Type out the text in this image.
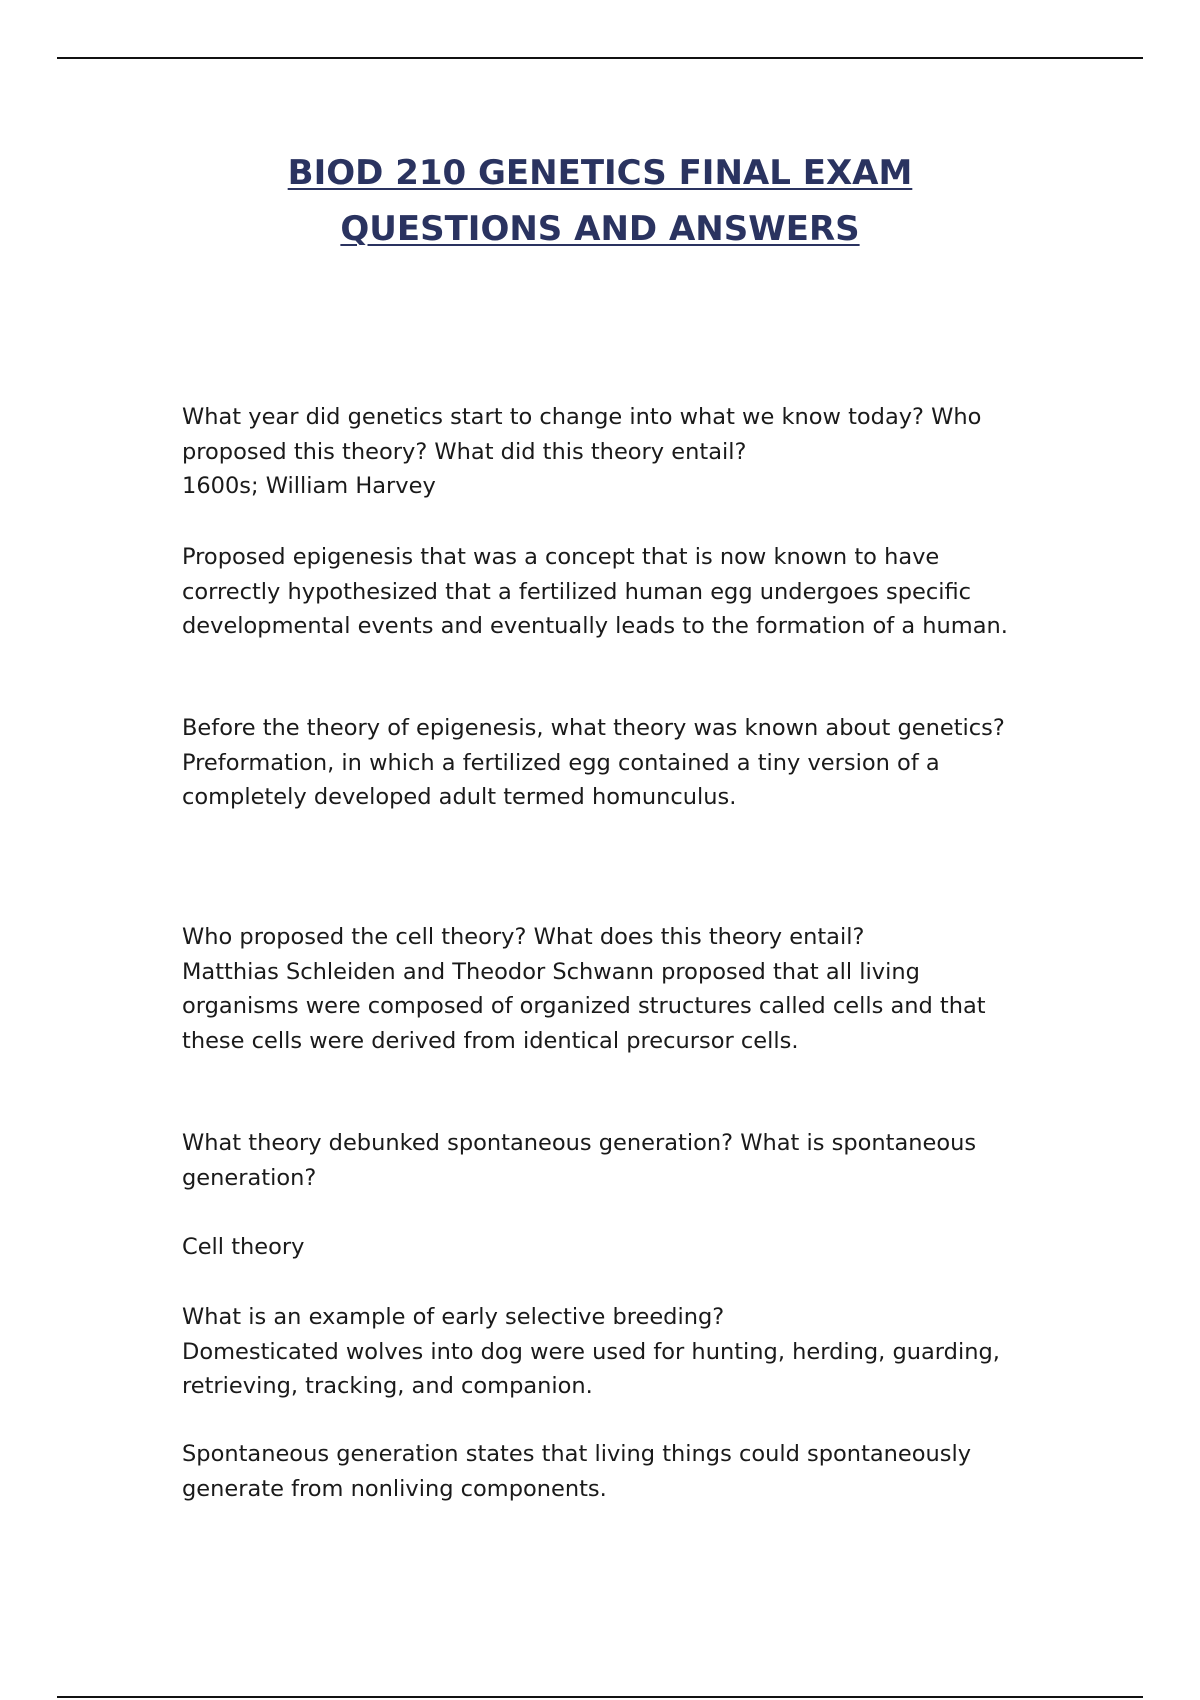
BIOD 210 GENETICS FINAL EXAM
QUESTIONS AND ANSWERS
What year did genetics start to change into what we know today? Who
proposed this theory? What did this theory entail?
1600s; William Harvey
Proposed epigenesis that was a concept that is now known to have
correctly hypothesized that a fertilized human egg undergoes specific
developmental events and eventually leads to the formation of a human.
Before the theory of epigenesis, what theory was known about genetics?
Preformation, in which a fertilized egg contained a tiny version of a
completely developed adult termed homunculus.
Who proposed the cell theory? What does this theory entail?
Matthias Schleiden and Theodor Schwann proposed that all living
organisms were composed of organized structures called cells and that
these cells were derived from identical precursor cells.
What theory debunked spontaneous generation? What is spontaneous
generation?
Cell theory
What is an example of early selective breeding?
Domesticated wolves into dog were used for hunting, herding, guarding,
retrieving, tracking, and companion.
Spontaneous generation states that living things could spontaneously
generate from nonliving components.
